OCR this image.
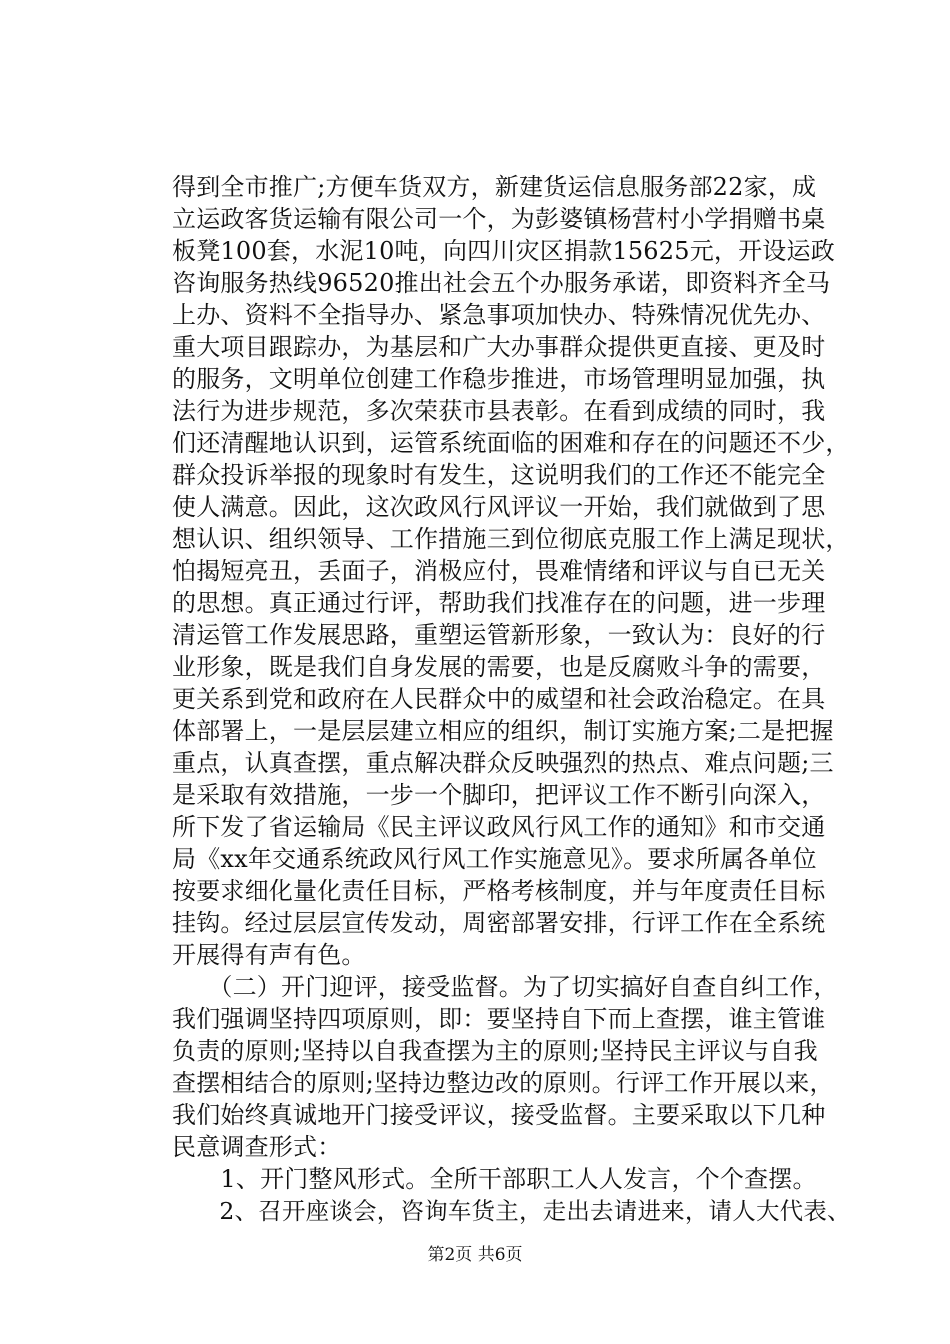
得到全市推广;方便车货双方，新建货运信息服务部22家，成
立运政客货运输有限公司一个，为彭婆镇杨营村小学捐赠书桌
板凳100套，水泥10吨，向四川灾区捐款15625元，开设运政
咨询服务热线96520推出社会五个办服务承诺，即资料齐全马
上办、资料不全指导办、紧急事项加快办、特殊情况优先办、
重大项目跟踪办，为基层和广大办事群众提供更直接、更及时
的服务，文明单位创建工作稳步推进，市场管理明显加强，执
法行为进步规范，多次荣获市县表彰。在看到成绩的同时，我
们还清醒地认识到，运管系统面临的困难和存在的问题还不少，
群众投诉举报的现象时有发生，这说明我们的工作还不能完全
使人满意。因此，这次政风行风评议一开始，我们就做到了思
想认识、组织领导、工作措施三到位彻底克服工作上满足现状，
怕揭短亮丑，丢面子，消极应付，畏难情绪和评议与自已无关
的思想。真正通过行评，帮助我们找准存在的问题，进一步理
清运管工作发展思路，重塑运管新形象，一致认为：良好的行
业形象，既是我们自身发展的需要，也是反腐败斗争的需要，
更关系到党和政府在人民群众中的威望和社会政治稳定。在具
体部署上，一是层层建立相应的组织，制订实施方案;二是把握
重点，认真查摆，重点解决群众反映强烈的热点、难点问题;三
是采取有效措施，一步一个脚印，把评议工作不断引向深入，
所下发了省运输局《民主评议政风行风工作的通知》和市交通
局《xx年交通系统政风行风工作实施意见》。要求所属各单位
按要求细化量化责任目标，严格考核制度，并与年度责任目标
挂钩。经过层层宣传发动，周密部署安排，行评工作在全系统
开展得有声有色。
　　（二）开门迎评，接受监督。为了切实搞好自查自纠工作，
我们强调坚持四项原则，即：要坚持自下而上查摆，谁主管谁
负责的原则;坚持以自我查摆为主的原则;坚持民主评议与自我
查摆相结合的原则;坚持边整边改的原则。行评工作开展以来，
我们始终真诚地开门接受评议，接受监督。主要采取以下几种
民意调查形式：
　　1、开门整风形式。全所干部职工人人发言，个个查摆。
　　2、召开座谈会，咨询车货主，走出去请进来，请人大代表、
第2页 共6页
